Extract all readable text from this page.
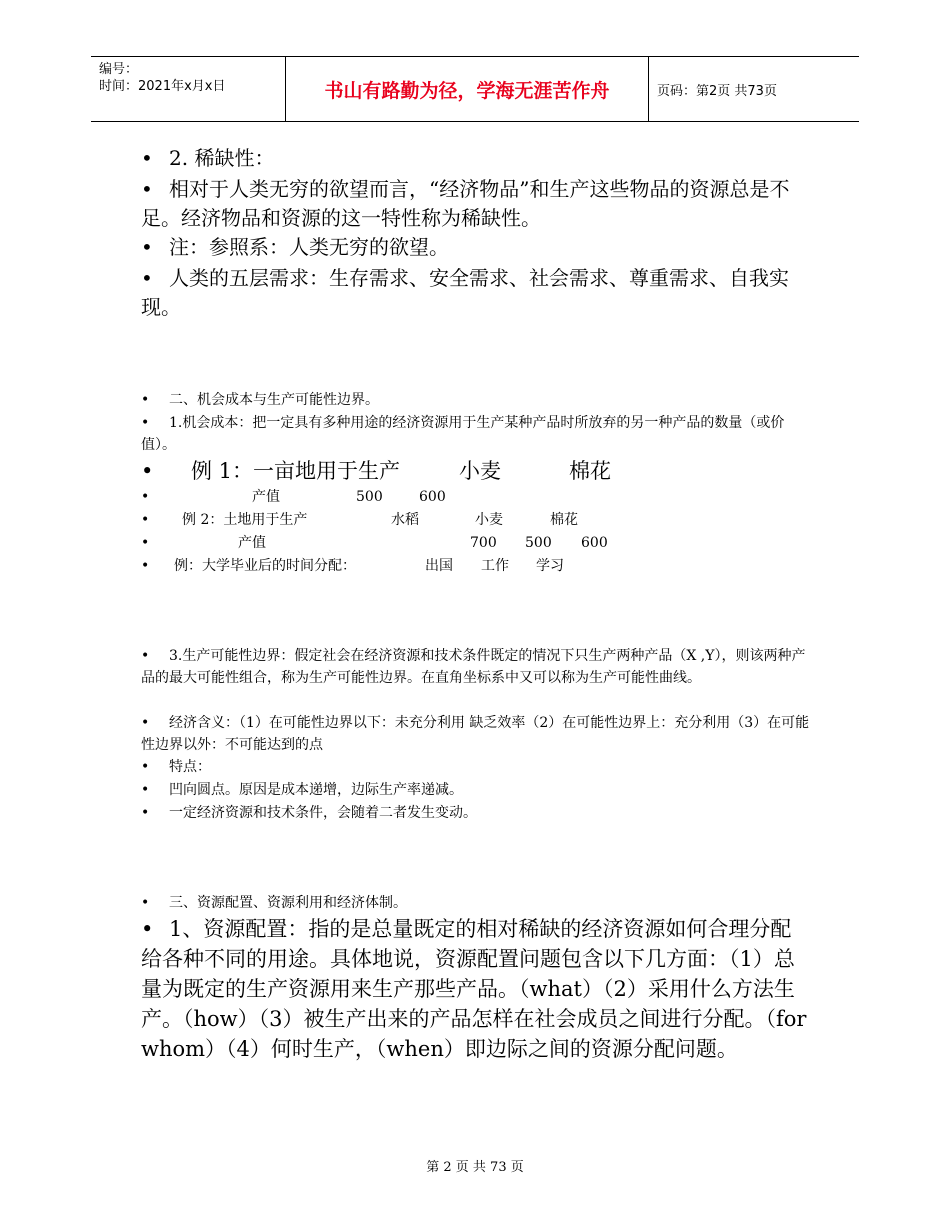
编号：
时间：2021年x月x日	书山有路勤为径，学海无涯苦作舟	页码：第2页 共73页
• 2. 稀缺性：
• 相对于人类无穷的欲望而言，“经济物品”和生产这些物品的资源总是不足。经济物品和资源的这一特性称为稀缺性。
• 注：参照系：人类无穷的欲望。
• 人类的五层需求：生存需求、安全需求、社会需求、尊重需求、自我实现。
•	二、机会成本与生产可能性边界。
•	1.机会成本：把一定具有多种用途的经济资源用于生产某种产品时所放弃的另一种产品的数量（或价值）。
• 例 1：一亩地用于生产	小麦	棉花
•	产值	500	600
• 例 2：土地用于生产	水稻	小麦	棉花
•	产值	700 500 600
• 例：大学毕业后的时间分配：	出国 工作 学习
•	3.生产可能性边界：假定社会在经济资源和技术条件既定的情况下只生产两种产品（X ,Y），则该两种产品的最大可能性组合，称为生产可能性边界。在直角坐标系中又可以称为生产可能性曲线。
•	经济含义：（1）在可能性边界以下：未充分利用 缺乏效率（2）在可能性边界上：充分利用（3）在可能性边界以外：不可能达到的点
•	特点：
•	凹向圆点。原因是成本递增，边际生产率递减。
•	一定经济资源和技术条件，会随着二者发生变动。
•	三、资源配置、资源利用和经济体制。
• 1、资源配置：指的是总量既定的相对稀缺的经济资源如何合理分配给各种不同的用途。具体地说，资源配置问题包含以下几方面：（1）总量为既定的生产资源用来生产那些产品。（what）（2）采用什么方法生产。（how）（3）被生产出来的产品怎样在社会成员之间进行分配。（for whom）（4）何时生产，（when）即边际之间的资源分配问题。
第 2 页 共 73 页
